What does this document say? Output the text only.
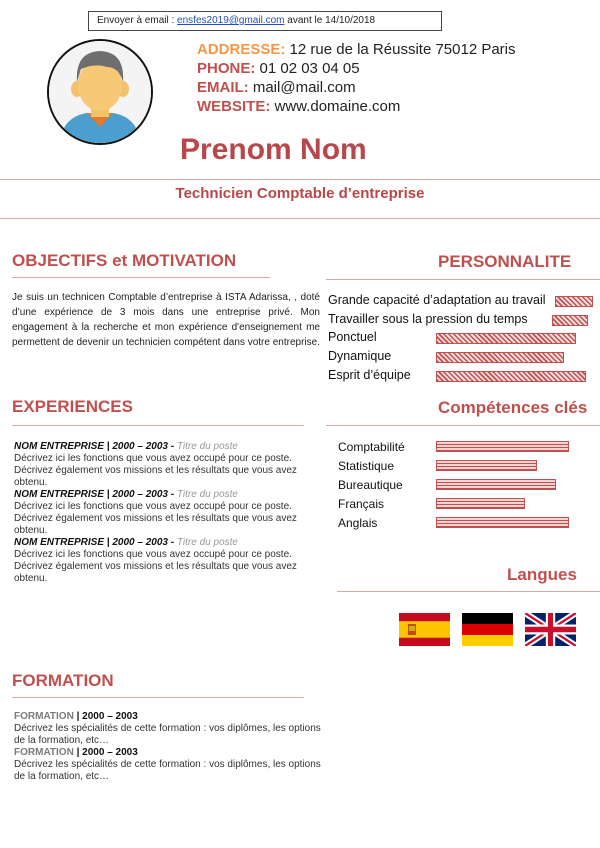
Envoyer à email : ensfes2019@gmail.com avant le 14/10/2018
ADDRESSE: 12 rue de la Réussite 75012 Paris
PHONE: 01 02 03 04 05
EMAIL: mail@mail.com
WEBSITE: www.domaine.com
Prenom Nom
Technicien Comptable d’entreprise
OBJECTIFS et MOTIVATION
Je suis un technicen Comptable d’entreprise à ISTA Adarissa, , doté d’une expérience de 3 mois dans une entreprise privé. Mon engagement à la recherche et mon expérience d'enseignement me permettent de devenir un technicien compétent dans votre entreprise.
PERSONNALITE
Grande capacité d’adaptation au travail
Travailler sous la pression du temps
Ponctuel
Dynamique
Esprit d’équipe
EXPERIENCES
NOM ENTREPRISE | 2000 – 2003 - Titre du poste
Décrivez ici les fonctions que vous avez occupé pour ce poste. Décrivez également vos missions et les résultats que vous avez obtenu.
NOM ENTREPRISE | 2000 – 2003 - Titre du poste
Décrivez ici les fonctions que vous avez occupé pour ce poste. Décrivez également vos missions et les résultats que vous avez obtenu.
NOM ENTREPRISE | 2000 – 2003 - Titre du poste
Décrivez ici les fonctions que vous avez occupé pour ce poste. Décrivez également vos missions et les résultats que vous avez obtenu.
Compétences clés
Comptabilité
Statistique
Bureautique
Français
Anglais
Langues
FORMATION
FORMATION | 2000 – 2003
Décrivez les spécialités de cette formation : vos diplômes, les options de la formation, etc…
FORMATION | 2000 – 2003
Décrivez les spécialités de cette formation : vos diplômes, les options de la formation, etc…
